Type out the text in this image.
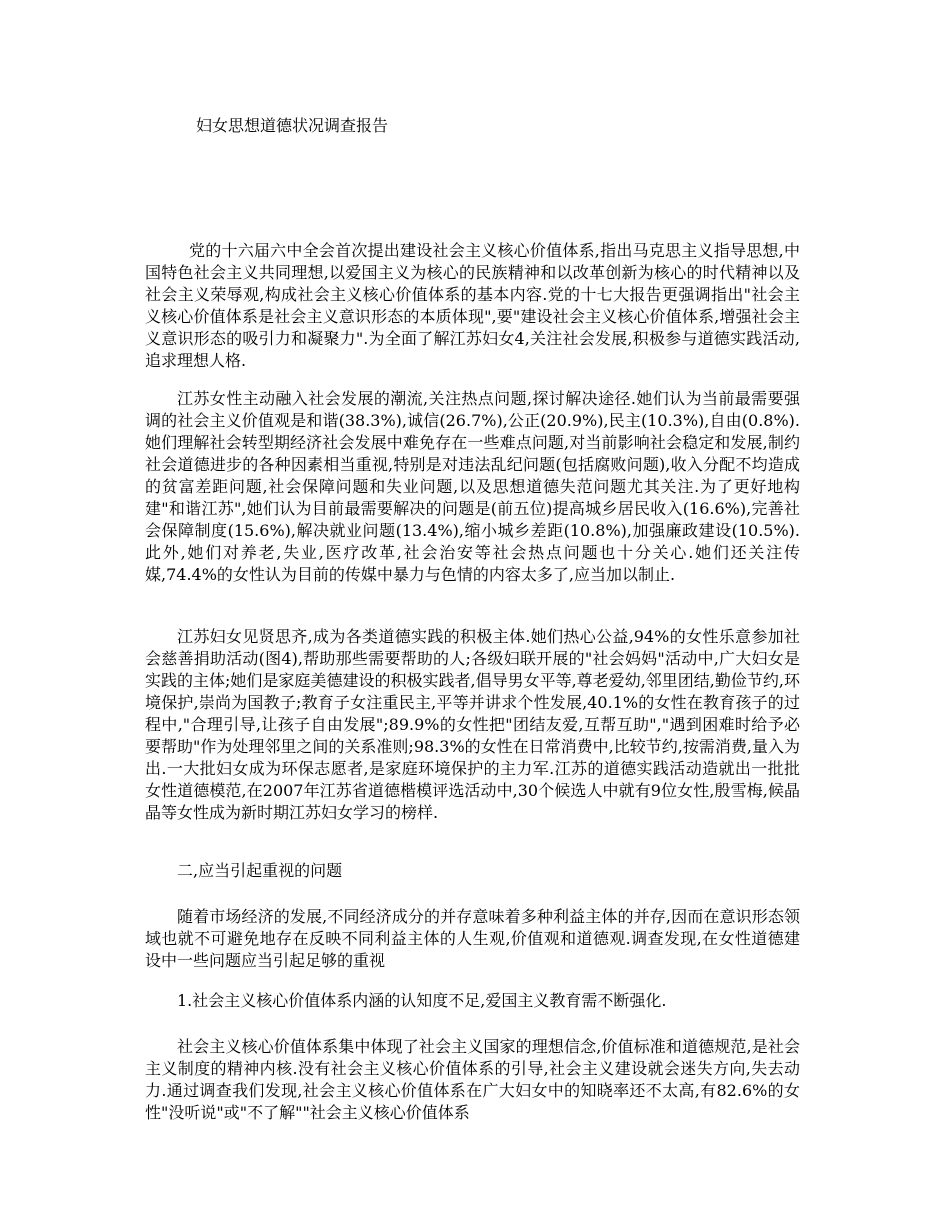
妇女思想道德状况调查报告

党的十六届六中全会首次提出建设社会主义核心价值体系,指出马克思主义指导思想,中国特色社会主义共同理想,以爱国主义为核心的民族精神和以改革创新为核心的时代精神以及社会主义荣辱观,构成社会主义核心价值体系的基本内容.党的十七大报告更强调指出"社会主义核心价值体系是社会主义意识形态的本质体现",要"建设社会主义核心价值体系,增强社会主义意识形态的吸引力和凝聚力".为全面了解江苏妇女4,关注社会发展,积极参与道德实践活动,追求理想人格.

江苏女性主动融入社会发展的潮流,关注热点问题,探讨解决途径.她们认为当前最需要强调的社会主义价值观是和谐(38.3%),诚信(26.7%),公正(20.9%),民主(10.3%),自由(0.8%).她们理解社会转型期经济社会发展中难免存在一些难点问题,对当前影响社会稳定和发展,制约社会道德进步的各种因素相当重视,特别是对违法乱纪问题(包括腐败问题),收入分配不均造成的贫富差距问题,社会保障问题和失业问题,以及思想道德失范问题尤其关注.为了更好地构建"和谐江苏",她们认为目前最需要解决的问题是(前五位)提高城乡居民收入(16.6%),完善社会保障制度(15.6%),解决就业问题(13.4%),缩小城乡差距(10.8%),加强廉政建设(10.5%).此外,她们对养老,失业,医疗改革,社会治安等社会热点问题也十分关心.她们还关注传媒,74.4%的女性认为目前的传媒中暴力与色情的内容太多了,应当加以制止.

江苏妇女见贤思齐,成为各类道德实践的积极主体.她们热心公益,94%的女性乐意参加社会慈善捐助活动(图4),帮助那些需要帮助的人;各级妇联开展的"社会妈妈"活动中,广大妇女是实践的主体;她们是家庭美德建设的积极实践者,倡导男女平等,尊老爱幼,邻里团结,勤俭节约,环境保护,崇尚为国教子;教育子女注重民主,平等并讲求个性发展,40.1%的女性在教育孩子的过程中,"合理引导,让孩子自由发展";89.9%的女性把"团结友爱,互帮互助","遇到困难时给予必要帮助"作为处理邻里之间的关系准则;98.3%的女性在日常消费中,比较节约,按需消费,量入为出.一大批妇女成为环保志愿者,是家庭环境保护的主力军.江苏的道德实践活动造就出一批批女性道德模范,在2007年江苏省道德楷模评选活动中,30个候选人中就有9位女性,殷雪梅,候晶晶等女性成为新时期江苏妇女学习的榜样.

二,应当引起重视的问题

随着市场经济的发展,不同经济成分的并存意味着多种利益主体的并存,因而在意识形态领域也就不可避免地存在反映不同利益主体的人生观,价值观和道德观.调查发现,在女性道德建设中一些问题应当引起足够的重视

1.社会主义核心价值体系内涵的认知度不足,爱国主义教育需不断强化.

社会主义核心价值体系集中体现了社会主义国家的理想信念,价值标准和道德规范,是社会主义制度的精神内核.没有社会主义核心价值体系的引导,社会主义建设就会迷失方向,失去动力.通过调查我们发现,社会主义核心价值体系在广大妇女中的知晓率还不太高,有82.6%的女性"没听说"或"不了解""社会主义核心价值体系
